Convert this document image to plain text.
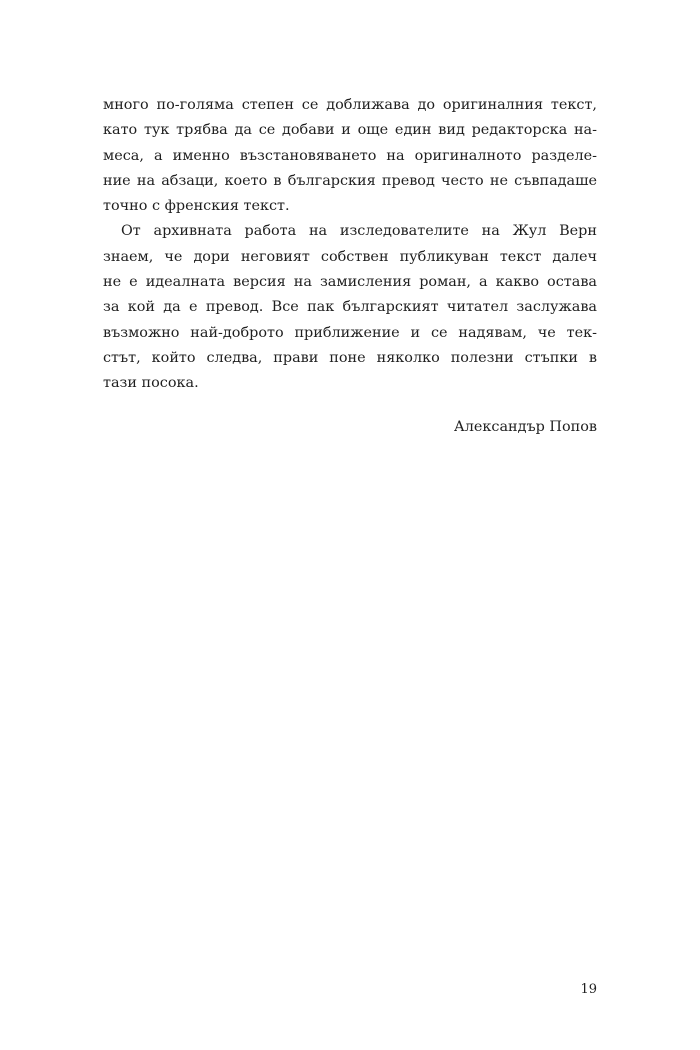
много по-голяма степен се доближава до оригиналния текст,
като тук трябва да се добави и още един вид редакторска на-
меса, а именно възстановяването на оригиналното разделе-
ние на абзаци, което в българския превод често не съвпадаше
точно с френския текст.
От архивната работа на изследователите на Жул Верн
знаем, че дори неговият собствен публикуван текст далеч
не е идеалната версия на замисления роман, а какво остава
за кой да е превод. Все пак българският читател заслужава
възможно най-доброто приближение и се надявам, че тек-
стът, който следва, прави поне няколко полезни стъпки в
тази посока.
Александър Попов
19
